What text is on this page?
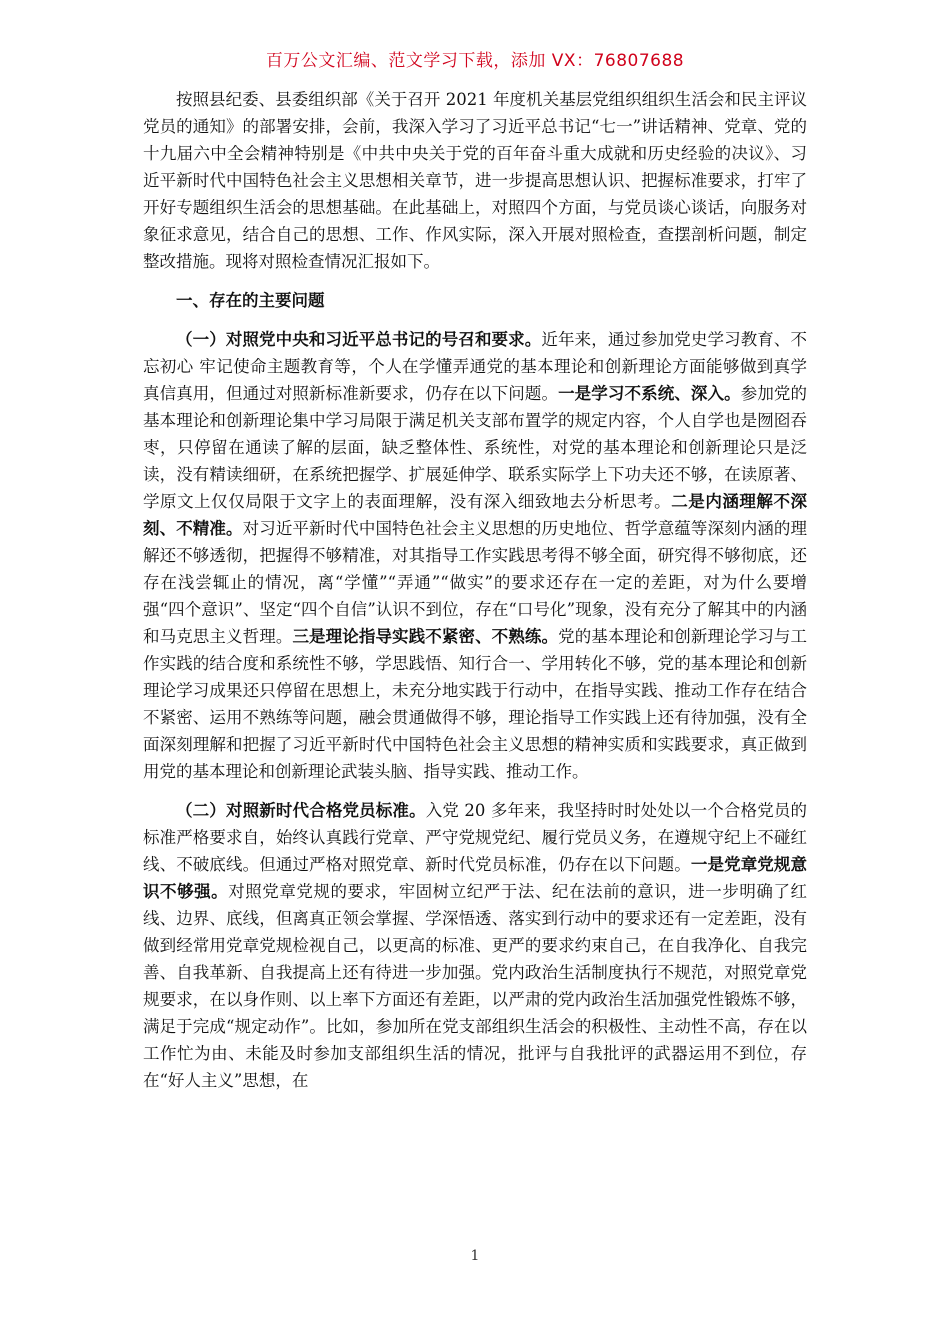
百万公文汇编、范文学习下载，添加 VX：76807688

按照县纪委、县委组织部《关于召开 2021 年度机关基层党组织组织生活会和民主评议党员的通知》的部署安排，会前，我深入学习了习近平总书记“七一”讲话精神、党章、党的十九届六中全会精神特别是《中共中央关于党的百年奋斗重大成就和历史经验的决议》、习近平新时代中国特色社会主义思想相关章节，进一步提高思想认识、把握标准要求，打牢了开好专题组织生活会的思想基础。在此基础上，对照四个方面，与党员谈心谈话，向服务对象征求意见，结合自己的思想、工作、作风实际，深入开展对照检查，查摆剖析问题，制定整改措施。现将对照检查情况汇报如下。

一、存在的主要问题

（一）对照党中央和习近平总书记的号召和要求。近年来，通过参加党史学习教育、不忘初心 牢记使命主题教育等，个人在学懂弄通党的基本理论和创新理论方面能够做到真学真信真用，但通过对照新标准新要求，仍存在以下问题。一是学习不系统、深入。参加党的基本理论和创新理论集中学习局限于满足机关支部布置学的规定内容，个人自学也是囫囵吞枣，只停留在通读了解的层面，缺乏整体性、系统性，对党的基本理论和创新理论只是泛读，没有精读细研，在系统把握学、扩展延伸学、联系实际学上下功夫还不够，在读原著、学原文上仅仅局限于文字上的表面理解，没有深入细致地去分析思考。二是内涵理解不深刻、不精准。对习近平新时代中国特色社会主义思想的历史地位、哲学意蕴等深刻内涵的理解还不够透彻，把握得不够精准，对其指导工作实践思考得不够全面，研究得不够彻底，还存在浅尝辄止的情况，离“学懂”“弄通”“做实”的要求还存在一定的差距，对为什么要增强“四个意识”、坚定“四个自信”认识不到位，存在“口号化”现象，没有充分了解其中的内涵和马克思主义哲理。三是理论指导实践不紧密、不熟练。党的基本理论和创新理论学习与工作实践的结合度和系统性不够，学思践悟、知行合一、学用转化不够，党的基本理论和创新理论学习成果还只停留在思想上，未充分地实践于行动中，在指导实践、推动工作存在结合不紧密、运用不熟练等问题，融会贯通做得不够，理论指导工作实践上还有待加强，没有全面深刻理解和把握了习近平新时代中国特色社会主义思想的精神实质和实践要求，真正做到用党的基本理论和创新理论武装头脑、指导实践、推动工作。

（二）对照新时代合格党员标准。入党 20 多年来，我坚持时时处处以一个合格党员的标准严格要求自，始终认真践行党章、严守党规党纪、履行党员义务，在遵规守纪上不碰红线、不破底线。但通过严格对照党章、新时代党员标准，仍存在以下问题。一是党章党规意识不够强。对照党章党规的要求，牢固树立纪严于法、纪在法前的意识，进一步明确了红线、边界、底线，但离真正领会掌握、学深悟透、落实到行动中的要求还有一定差距，没有做到经常用党章党规检视自己，以更高的标准、更严的要求约束自己，在自我净化、自我完善、自我革新、自我提高上还有待进一步加强。党内政治生活制度执行不规范，对照党章党规要求，在以身作则、以上率下方面还有差距，以严肃的党内政治生活加强党性锻炼不够，满足于完成“规定动作”。比如，参加所在党支部组织生活会的积极性、主动性不高，存在以工作忙为由、未能及时参加支部组织生活的情况，批评与自我批评的武器运用不到位，存在“好人主义”思想，在

1
